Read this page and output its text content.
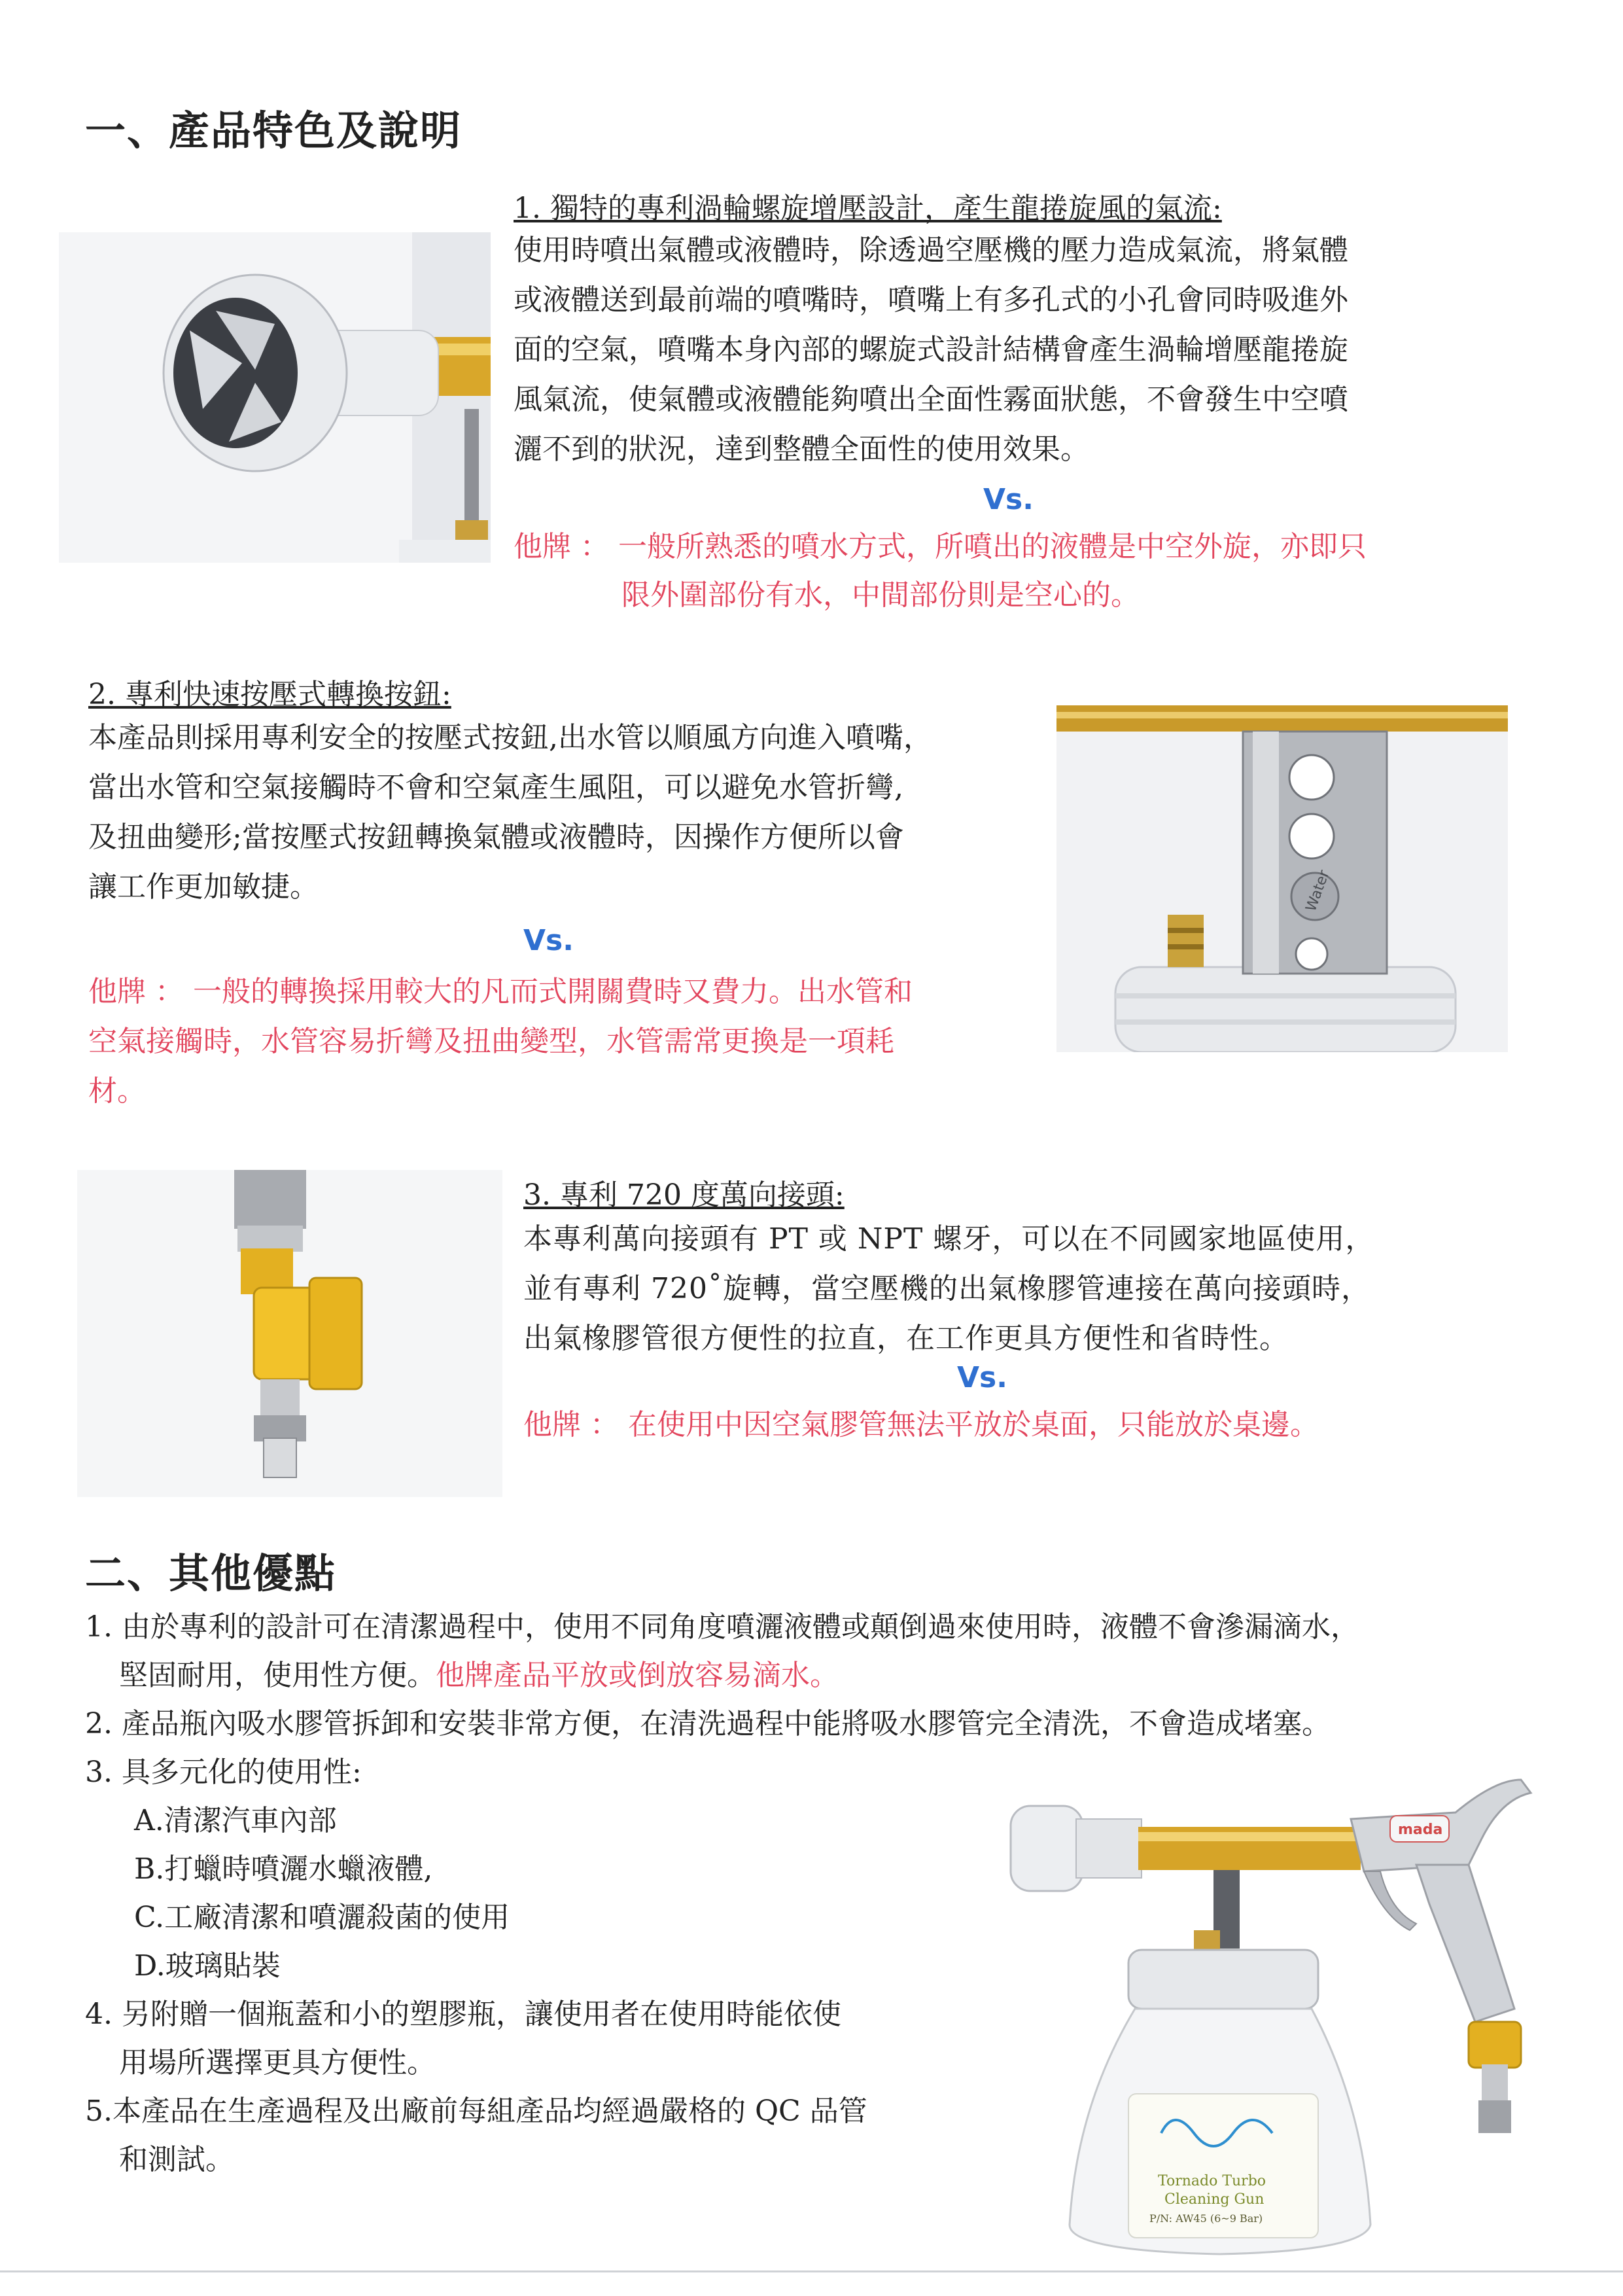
一、產品特色及說明
1. 獨特的專利渦輪螺旋增壓設計，產生龍捲旋風的氣流:
使用時噴出氣體或液體時，除透過空壓機的壓力造成氣流，將氣體
或液體送到最前端的噴嘴時，噴嘴上有多孔式的小孔會同時吸進外
面的空氣，噴嘴本身內部的螺旋式設計結構會產生渦輪增壓龍捲旋
風氣流，使氣體或液體能夠噴出全面性霧面狀態，不會發生中空噴
灑不到的狀況，達到整體全面性的使用效果。
Vs.
他牌 ： 一般所熟悉的噴水方式，所噴出的液體是中空外旋，亦即只
限外圍部份有水，中間部份則是空心的。
2. 專利快速按壓式轉換按鈕:
本產品則採用專利安全的按壓式按鈕,出水管以順風方向進入噴嘴，
當出水管和空氣接觸時不會和空氣產生風阻，可以避免水管折彎,
及扭曲變形;當按壓式按鈕轉換氣體或液體時，因操作方便所以會
讓工作更加敏捷。
Vs.
他牌 ： 一般的轉換採用較大的凡而式開關費時又費力。出水管和
空氣接觸時，水管容易折彎及扭曲變型，水管需常更換是一項耗
材。
Water
3. 專利 720 度萬向接頭:
本專利萬向接頭有 PT 或 NPT 螺牙，可以在不同國家地區使用，
並有專利 720˚旋轉，當空壓機的出氣橡膠管連接在萬向接頭時，
出氣橡膠管很方便性的拉直，在工作更具方便性和省時性。
Vs.
他牌 ： 在使用中因空氣膠管無法平放於桌面，只能放於桌邊。
二、其他優點
1. 由於專利的設計可在清潔過程中，使用不同角度噴灑液體或顛倒過來使用時，液體不會滲漏滴水，
堅固耐用，使用性方便。他牌產品平放或倒放容易滴水。
2. 產品瓶內吸水膠管拆卸和安裝非常方便，在清洗過程中能將吸水膠管完全清洗，不會造成堵塞。
3. 具多元化的使用性:
A.清潔汽車內部
B.打蠟時噴灑水蠟液體,
C.工廠清潔和噴灑殺菌的使用
D.玻璃貼裝
4. 另附贈一個瓶蓋和小的塑膠瓶，讓使用者在使用時能依使
用場所選擇更具方便性。
5.本產品在生產過程及出廠前每組產品均經過嚴格的 QC 品管
和測試。
mada
Tornado Turbo
Cleaning Gun
P/N: AW45 (6~9 Bar)
